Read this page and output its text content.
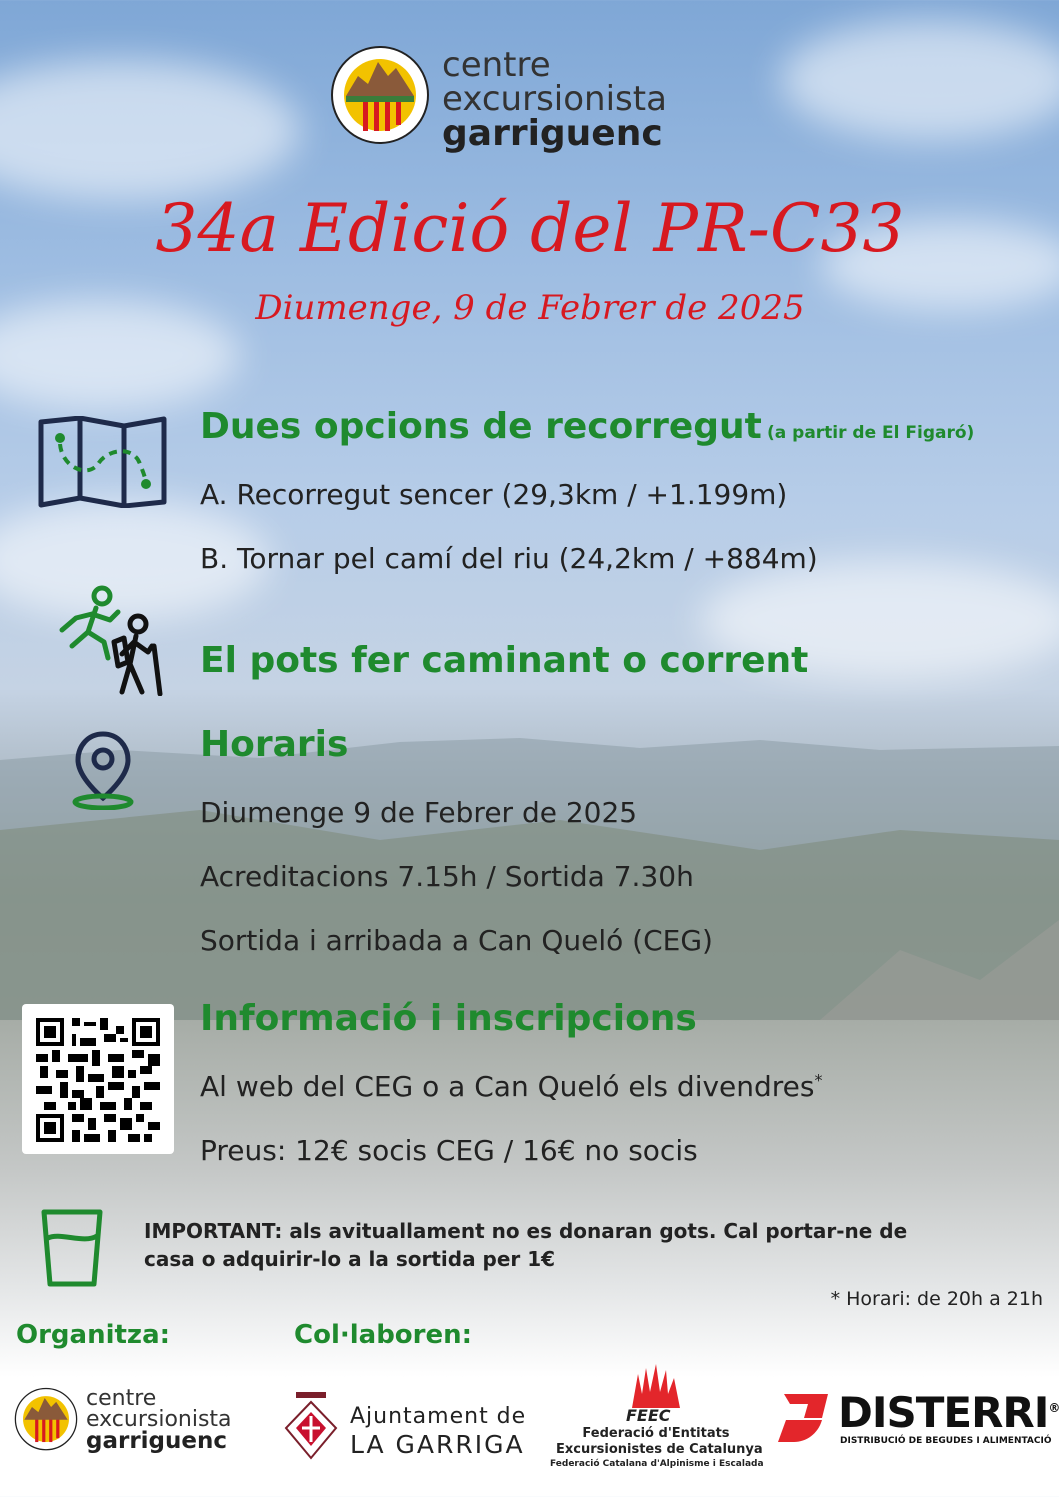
centre
excursionista
garriguenc
34a Edició del PR-C33
Diumenge, 9 de Febrer de 2025
Dues opcions de recorregut (a partir de El Figaró)
A. Recorregut sencer (29,3km / +1.199m)
B. Tornar pel camí del riu (24,2km / +884m)
El pots fer caminant o corrent
Horaris
Diumenge 9 de Febrer de 2025
Acreditacions 7.15h / Sortida 7.30h
Sortida i arribada a Can Queló (CEG)
Informació i inscripcions
Al web del CEG o a Can Queló els divendres*
Preus: 12€ socis CEG / 16€ no socis
IMPORTANT: als avituallament no es donaran gots. Cal portar-ne de
casa o adquirir-lo a la sortida per 1€
* Horari: de 20h a 21h
Organitza:	Col·laboren:
centre
excursionista
garriguenc
Ajuntament de
LA GARRIGA
FEEC
Federació d'Entitats
Excursionistes de Catalunya
Federació Catalana d'Alpinisme i Escalada
DISTERRI®
DISTRIBUCIÓ DE BEGUDES I ALIMENTACIÓ
